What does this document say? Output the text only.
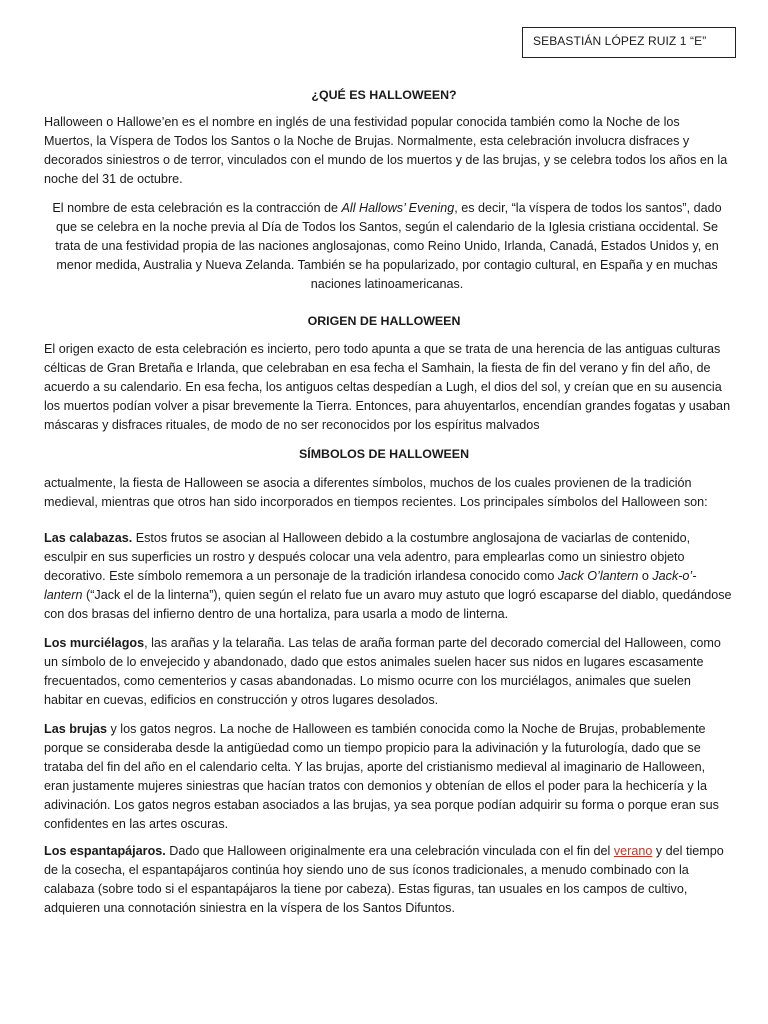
SEBASTIÁN LÓPEZ RUIZ 1 “E”
¿QUÉ ES HALLOWEEN?

Halloween o Hallowe’en es el nombre en inglés de una festividad popular conocida también como la Noche de los Muertos, la Víspera de Todos los Santos o la Noche de Brujas. Normalmente, esta celebración involucra disfraces y decorados siniestros o de terror, vinculados con el mundo de los muertos y de las brujas, y se celebra todos los años en la noche del 31 de octubre.

El nombre de esta celebración es la contracción de All Hallows’ Evening, es decir, “la víspera de todos los santos”, dado que se celebra en la noche previa al Día de Todos los Santos, según el calendario de la Iglesia cristiana occidental. Se trata de una festividad propia de las naciones anglosajonas, como Reino Unido, Irlanda, Canadá, Estados Unidos y, en menor medida, Australia y Nueva Zelanda. También se ha popularizado, por contagio cultural, en España y en muchas naciones latinoamericanas.

ORIGEN DE HALLOWEEN

El origen exacto de esta celebración es incierto, pero todo apunta a que se trata de una herencia de las antiguas culturas célticas de Gran Bretaña e Irlanda, que celebraban en esa fecha el Samhain, la fiesta de fin del verano y fin del año, de acuerdo a su calendario. En esa fecha, los antiguos celtas despedían a Lugh, el dios del sol, y creían que en su ausencia los muertos podían volver a pisar brevemente la Tierra. Entonces, para ahuyentarlos, encendían grandes fogatas y usaban máscaras y disfraces rituales, de modo de no ser reconocidos por los espíritus malvados

SÍMBOLOS DE HALLOWEEN

actualmente, la fiesta de Halloween se asocia a diferentes símbolos, muchos de los cuales provienen de la tradición medieval, mientras que otros han sido incorporados en tiempos recientes. Los principales símbolos del Halloween son:

Las calabazas. Estos frutos se asocian al Halloween debido a la costumbre anglosajona de vaciarlas de contenido, esculpir en sus superficies un rostro y después colocar una vela adentro, para emplearlas como un siniestro objeto decorativo. Este símbolo rememora a un personaje de la tradición irlandesa conocido como Jack O’lantern o Jack-o’-lantern (“Jack el de la linterna”), quien según el relato fue un avaro muy astuto que logró escaparse del diablo, quedándose con dos brasas del infierno dentro de una hortaliza, para usarla a modo de linterna.

Los murciélagos, las arañas y la telaraña. Las telas de araña forman parte del decorado comercial del Halloween, como un símbolo de lo envejecido y abandonado, dado que estos animales suelen hacer sus nidos en lugares escasamente frecuentados, como cementerios y casas abandonadas. Lo mismo ocurre con los murciélagos, animales que suelen habitar en cuevas, edificios en construcción y otros lugares desolados.

Las brujas y los gatos negros. La noche de Halloween es también conocida como la Noche de Brujas, probablemente porque se consideraba desde la antigüedad como un tiempo propicio para la adivinación y la futurología, dado que se trataba del fin del año en el calendario celta. Y las brujas, aporte del cristianismo medieval al imaginario de Halloween, eran justamente mujeres siniestras que hacían tratos con demonios y obtenían de ellos el poder para la hechicería y la adivinación. Los gatos negros estaban asociados a las brujas, ya sea porque podían adquirir su forma o porque eran sus confidentes en las artes oscuras.

Los espantapájaros. Dado que Halloween originalmente era una celebración vinculada con el fin del verano y del tiempo de la cosecha, el espantapájaros continúa hoy siendo uno de sus íconos tradicionales, a menudo combinado con la calabaza (sobre todo si el espantapájaros la tiene por cabeza). Estas figuras, tan usuales en los campos de cultivo, adquieren una connotación siniestra en la víspera de los Santos Difuntos.
